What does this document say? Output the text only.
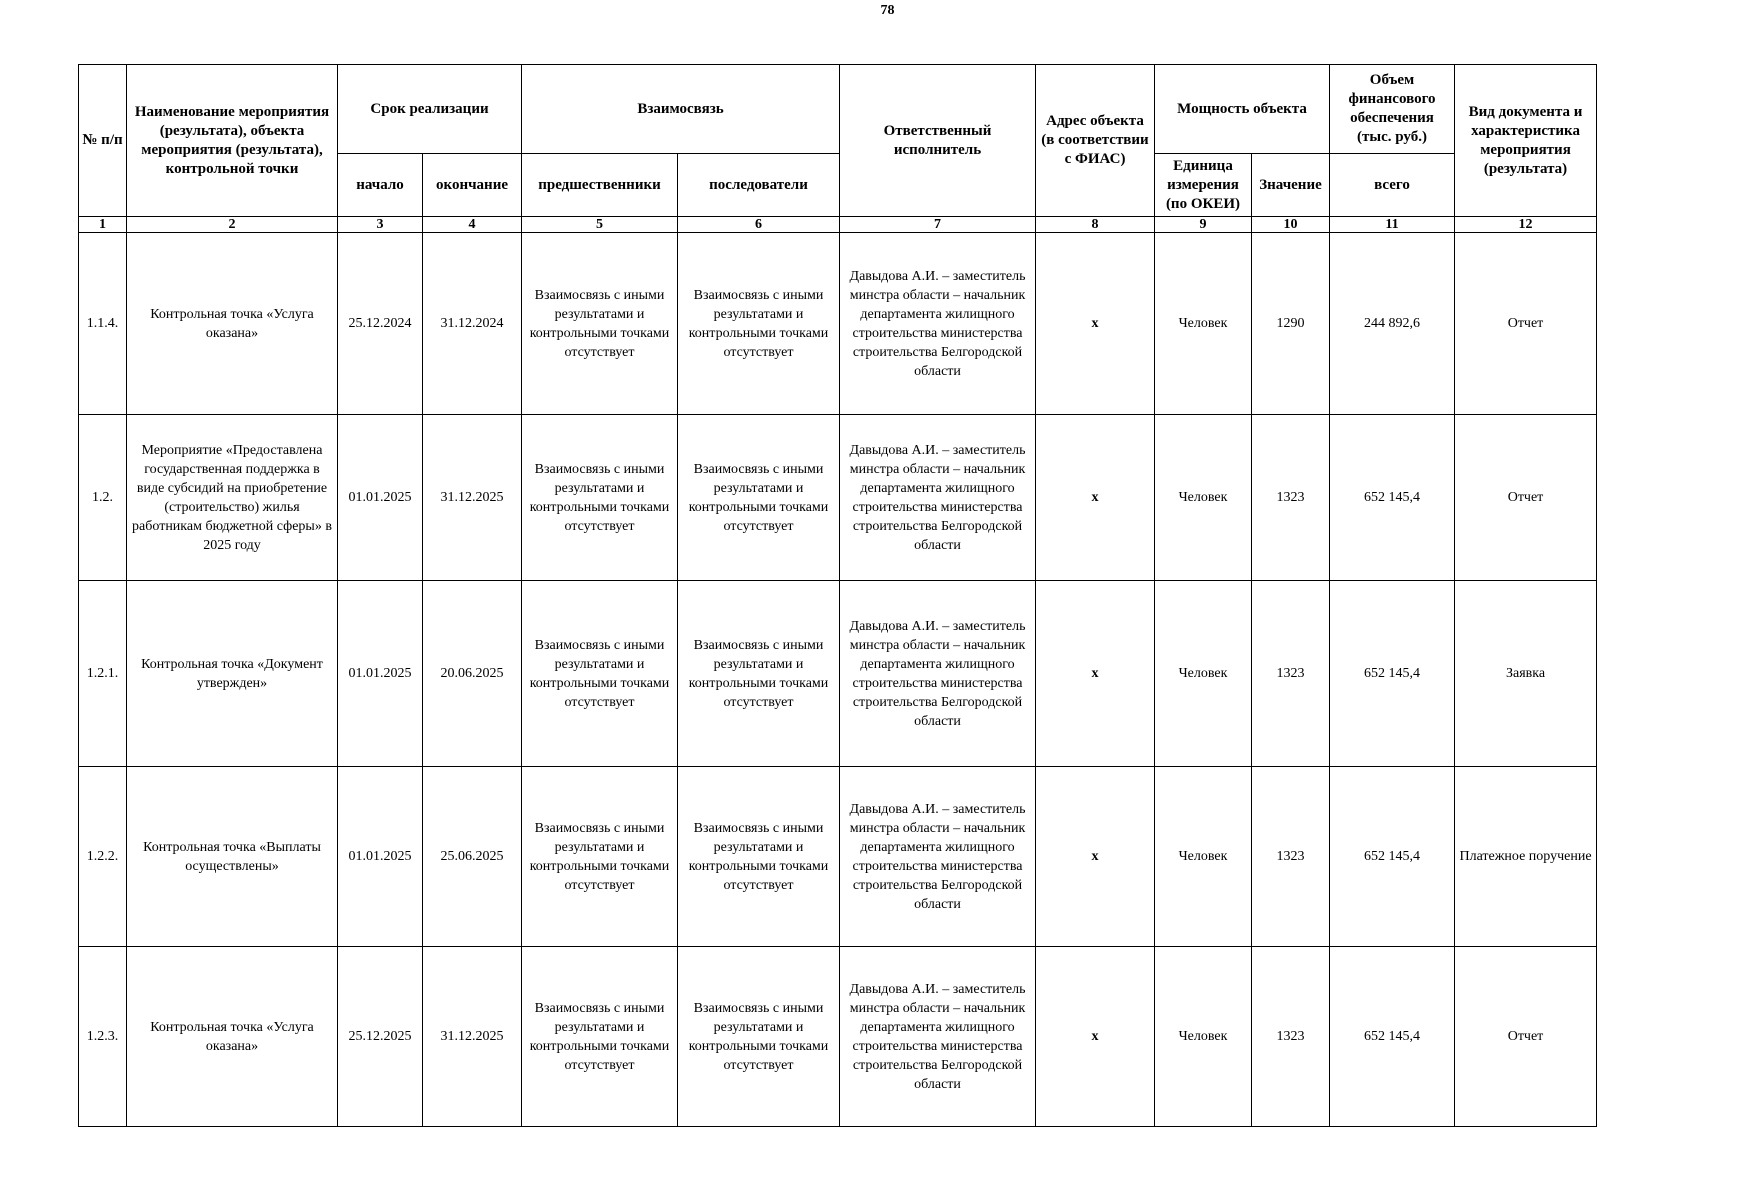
78
№ п/п	Наименование мероприятия (результата), объекта мероприятия (результата), контрольной точки	Срок реализации		Взаимосвязь		Ответственный исполнитель	Адрес объекта (в соответствии с ФИАС)	Мощность объекта		Объем финансового обеспечения (тыс. руб.)	Вид документа и характеристика мероприятия (результата)
		начало	окончание	предшественники	последователи			Единица измерения (по ОКЕИ)	Значение	всего	
1	2	3	4	5	6	7	8	9	10	11	12
1.1.4.	Контрольная точка «Услуга оказана»	25.12.2024	31.12.2024	Взаимосвязь с иными результатами и контрольными точками отсутствует	Взаимосвязь с иными результатами и контрольными точками отсутствует	Давыдова А.И. – заместитель минстра области – начальник департамента жилищного строительства министерства строительства Белгородской области	х	Человек	1290	244 892,6	Отчет
1.2.	Мероприятие «Предоставлена государственная поддержка в виде субсидий на приобретение (строительство) жилья работникам бюджетной сферы» в 2025 году	01.01.2025	31.12.2025	Взаимосвязь с иными результатами и контрольными точками отсутствует	Взаимосвязь с иными результатами и контрольными точками отсутствует	Давыдова А.И. – заместитель минстра области – начальник департамента жилищного строительства министерства строительства Белгородской области	х	Человек	1323	652 145,4	Отчет
1.2.1.	Контрольная точка «Документ утвержден»	01.01.2025	20.06.2025	Взаимосвязь с иными результатами и контрольными точками отсутствует	Взаимосвязь с иными результатами и контрольными точками отсутствует	Давыдова А.И. – заместитель минстра области – начальник департамента жилищного строительства министерства строительства Белгородской области	х	Человек	1323	652 145,4	Заявка
1.2.2.	Контрольная точка «Выплаты осуществлены»	01.01.2025	25.06.2025	Взаимосвязь с иными результатами и контрольными точками отсутствует	Взаимосвязь с иными результатами и контрольными точками отсутствует	Давыдова А.И. – заместитель минстра области – начальник департамента жилищного строительства министерства строительства Белгородской области	х	Человек	1323	652 145,4	Платежное поручение
1.2.3.	Контрольная точка «Услуга оказана»	25.12.2025	31.12.2025	Взаимосвязь с иными результатами и контрольными точками отсутствует	Взаимосвязь с иными результатами и контрольными точками отсутствует	Давыдова А.И. – заместитель минстра области – начальник департамента жилищного строительства министерства строительства Белгородской области	х	Человек	1323	652 145,4	Отчет
